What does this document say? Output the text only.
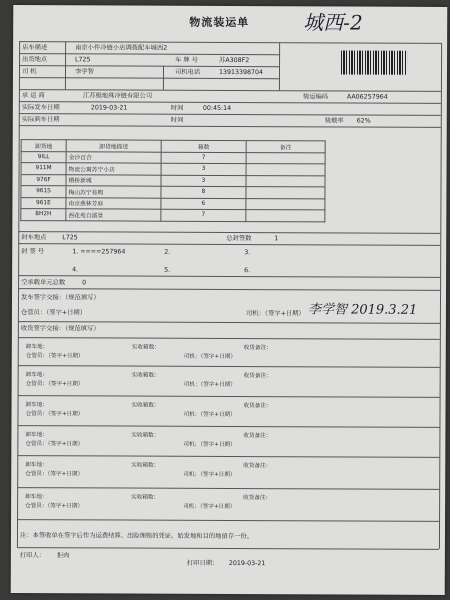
物流装运单	城西-2
店车描述	南京小件冷链小店调拨配车城西2
出货地点	L725	车 牌 号	苏A308F2
司 机	李学智	司机电话	13913398704
承 运 商	江苏极地殊冷链有限公司	装运编码	AA06257964
实际发车日期	2019-03-21	时间	00:45:14
实际到车日期	时间	装载率 62%
卸货地	卸货地描述	箱数	备注
9ILL	金沙百合	7	
911M	物流公寓苏宁小店	3	
976F	栖桥新城	3	
961S	梅山苏宁易购	8	
961E	南京燕林芳庭	6	
8H2H	西花苑自濡景	7	
封车地点	L725	总封签数	1
封 签 号	1. ====257964	2.	3.
4.	5.	6.
空承载单元总数	0
发车签字交接：（规范填写）
仓管员：（签字+日期）	司机：（签字+日期） 李学智 2019.3.21
收货签字交接：（规范填写）
卸车地：	实收箱数：	收货备注：
仓管员：（签字+日期）	司机：（签字+日期）
卸车地：	实收箱数：	收货备注：
仓管员：（签字+日期）	司机：（签字+日期）
卸车地：	实收箱数：	收货备注：
仓管员：（签字+日期）	司机：（签字+日期）
卸车地：	实收箱数：	收货备注：
仓管员：（签字+日期）	司机：（签字+日期）
卸车地：	实收箱数：	收货备注：
仓管员：（签字+日期）	司机：（签字+日期）
卸车地：	实收箱数：	收货备注：
仓管员：（签字+日期）	司机：（签字+日期）
注：本签收单在签字后作为运费结算、出险理赔的凭证。始发地和目的地留存一份。
打印人： 拒肉
打印日期： 2019-03-21
